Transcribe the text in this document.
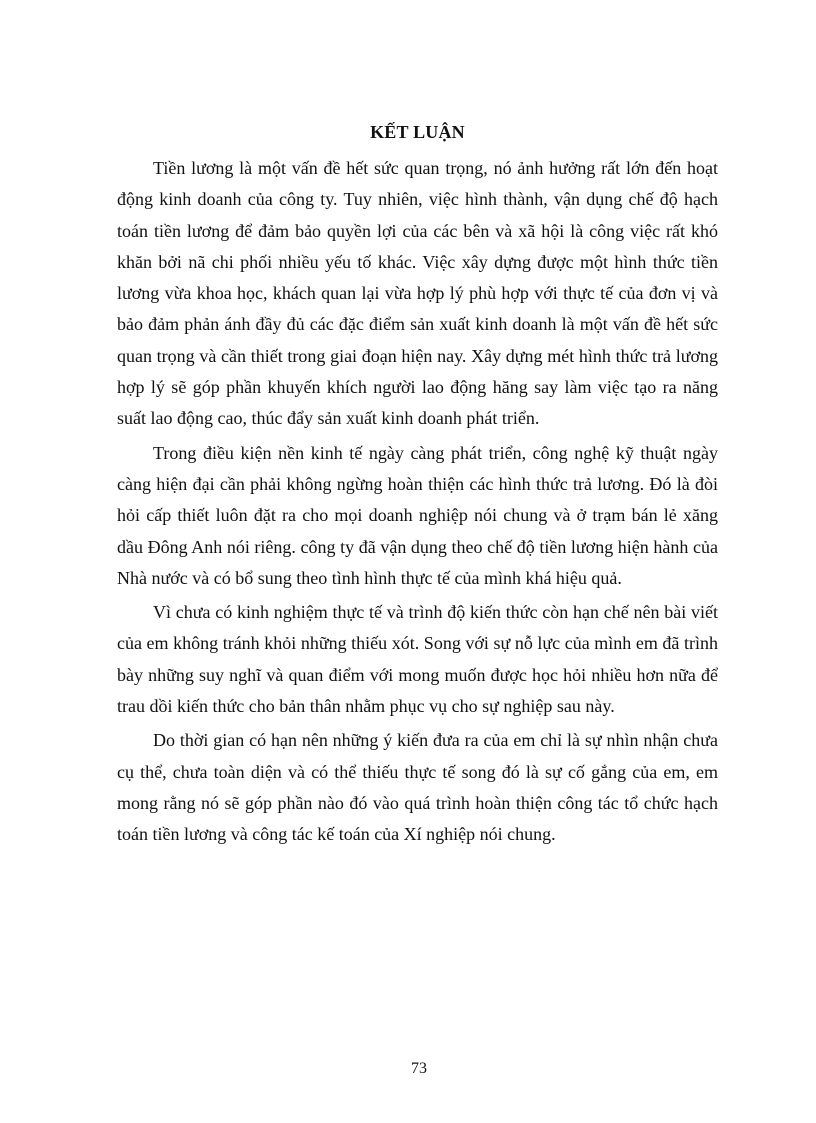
KẾT LUẬN

Tiền lương là một vấn đề hết sức quan trọng, nó ảnh hưởng rất lớn đến hoạt động kinh doanh của công ty. Tuy nhiên, việc hình thành, vận dụng chế độ hạch toán tiền lương để đảm bảo quyền lợi của các bên và xã hội là công việc rất khó khăn bởi nã chi phối nhiều yếu tố khác. Việc xây dựng được một hình thức tiền lương vừa khoa học, khách quan lại vừa hợp lý phù hợp với thực tế của đơn vị và bảo đảm phản ánh đầy đủ các đặc điểm sản xuất kinh doanh là một vấn đề hết sức quan trọng và cần thiết trong giai đoạn hiện nay. Xây dựng mét hình thức trả lương hợp lý sẽ góp phần khuyến khích người lao động hăng say làm việc tạo ra năng suất lao động cao, thúc đẩy sản xuất kinh doanh phát triển.

Trong điều kiện nền kinh tế ngày càng phát triển, công nghệ kỹ thuật ngày càng hiện đại cần phải không ngừng hoàn thiện các hình thức trả lương. Đó là đòi hỏi cấp thiết luôn đặt ra cho mọi doanh nghiệp nói chung và ở trạm bán lẻ xăng dầu Đông Anh nói riêng. công ty đã vận dụng theo chế độ tiền lương hiện hành của Nhà nước và có bổ sung theo tình hình thực tế của mình khá hiệu quả.

Vì chưa có kinh nghiệm thực tế và trình độ kiến thức còn hạn chế nên bài viết của em không tránh khỏi những thiếu xót. Song với sự nỗ lực của mình em đã trình bày những suy nghĩ và quan điểm với mong muốn được học hỏi nhiều hơn nữa để trau dồi kiến thức cho bản thân nhằm phục vụ cho sự nghiệp sau này.

Do thời gian có hạn nên những ý kiến đưa ra của em chỉ là sự nhìn nhận chưa cụ thể, chưa toàn diện và có thể thiếu thực tế song đó là sự cố gắng của em, em mong rằng nó sẽ góp phần nào đó vào quá trình hoàn thiện công tác tổ chức hạch toán tiền lương và công tác kế toán của Xí nghiệp nói chung.

73
